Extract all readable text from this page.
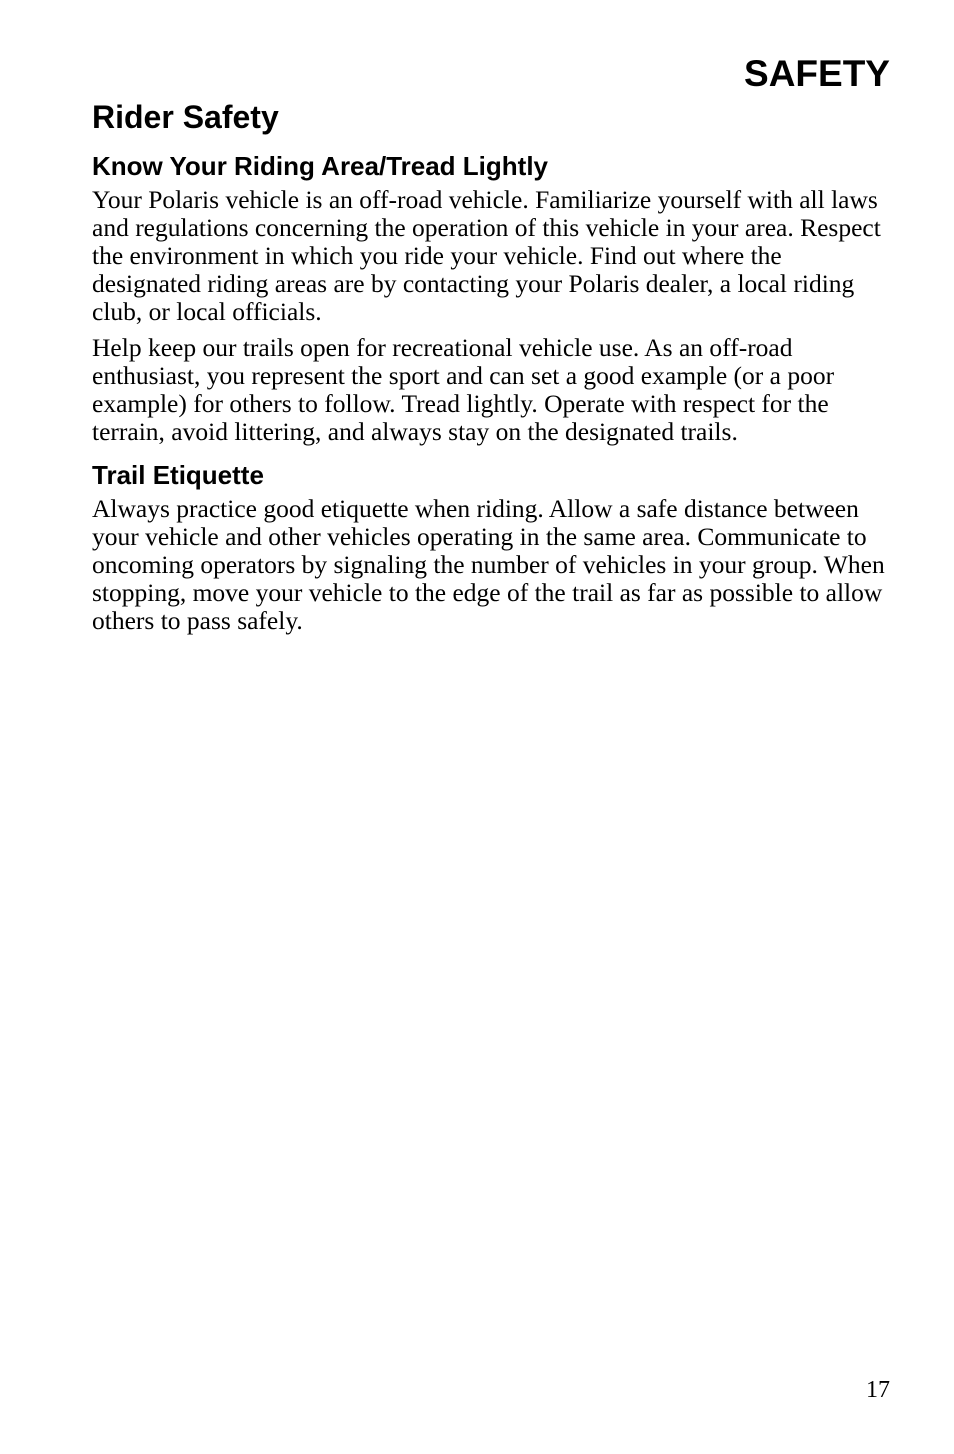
SAFETY
Rider Safety
Know Your Riding Area/Tread Lightly

Your Polaris vehicle is an off-road vehicle. Familiarize yourself with all laws and regulations concerning the operation of this vehicle in your area. Respect the environment in which you ride your vehicle. Find out where the designated riding areas are by contacting your Polaris dealer, a local riding club, or local officials.

Help keep our trails open for recreational vehicle use. As an off-road enthusiast, you represent the sport and can set a good example (or a poor example) for others to follow. Tread lightly. Operate with respect for the terrain, avoid littering, and always stay on the designated trails.

Trail Etiquette

Always practice good etiquette when riding. Allow a safe distance between your vehicle and other vehicles operating in the same area. Communicate to oncoming operators by signaling the number of vehicles in your group. When stopping, move your vehicle to the edge of the trail as far as possible to allow others to pass safely.

17
